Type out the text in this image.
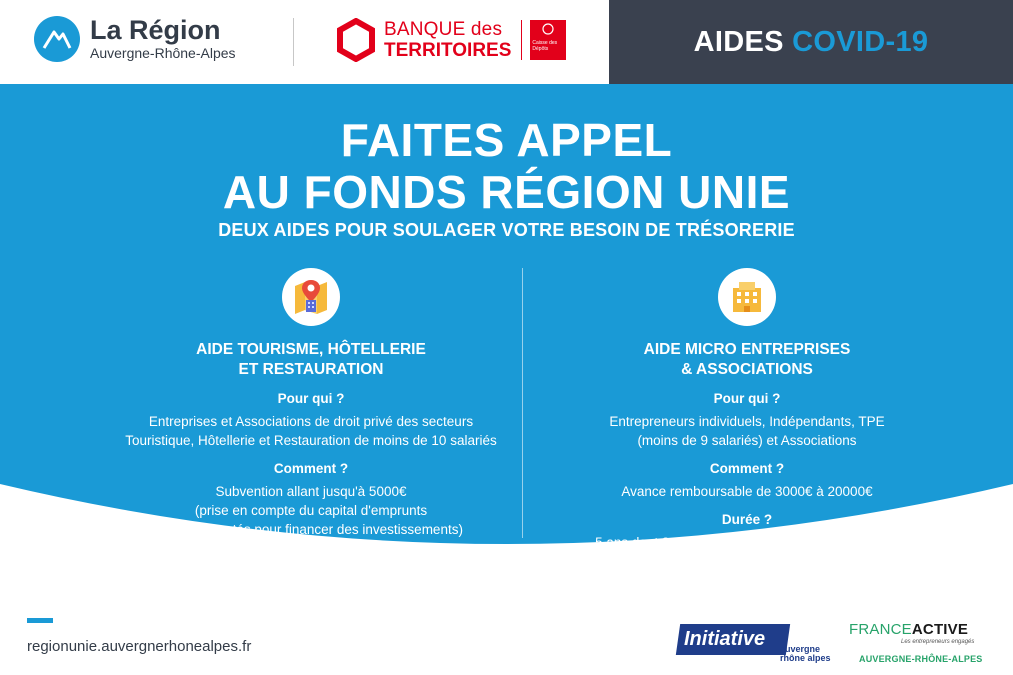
La Région
Auvergne-Rhône-Alpes
BANQUE des
TERRITOIRES	Caisse des Dépôts	AIDES COVID-19
FAITES APPEL
AU FONDS RÉGION UNIE
DEUX AIDES POUR SOULAGER VOTRE BESOIN DE TRÉSORERIE
AIDE TOURISME, HÔTELLERIE
ET RESTAURATION
Pour qui ?
Entreprises et Associations de droit privé des secteurs
Touristique, Hôtellerie et Restauration de moins de 10 salariés
Comment ?
Subvention allant jusqu'à 5000€
(prise en compte du capital d'emprunts
déjà contractés pour financer des investissements)
AIDE MICRO ENTREPRISES
& ASSOCIATIONS
Pour qui ?
Entrepreneurs individuels, Indépendants, TPE
(moins de 9 salariés) et Associations
Comment ?
Avance remboursable de 3000€ à 20000€
Durée ?
5 ans dont 2 ans en différé, pas de garantie exigée
regionunie.auvergnerhonealpes.fr	Initiative auvergne
rhône alpes
FRANCEACTIVE
Les entrepreneurs engagés
AUVERGNE-RHÔNE-ALPES
